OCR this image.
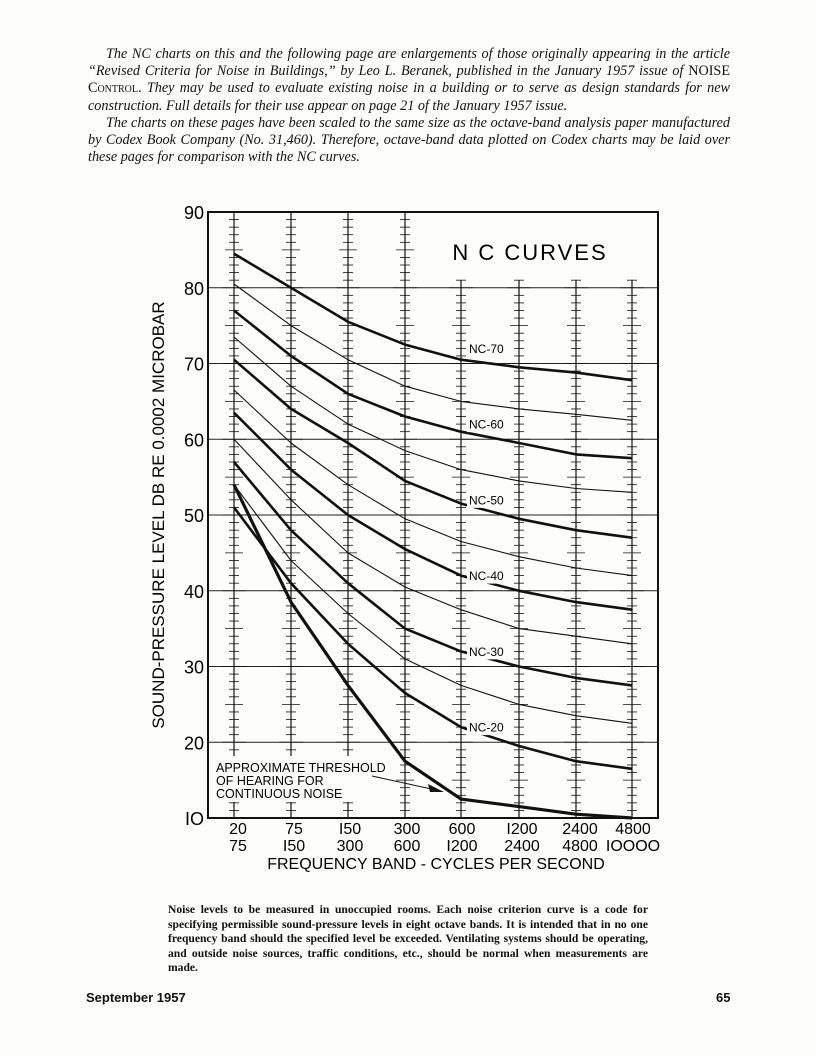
The NC charts on this and the following page are enlargements of those originally appearing in the article “Revised Criteria for Noise in Buildings,” by Leo L. Beranek, published in the January 1957 issue of NOISE Control. They may be used to evaluate existing noise in a building or to serve as design standards for new construction. Full details for their use appear on page 21 of the January 1957 issue.

The charts on these pages have been scaled to the same size as the octave-band analysis paper manufactured by Codex Book Company (No. 31,460). Therefore, octave-band data plotted on Codex charts may be laid over these pages for comparison with the NC curves.

NC-70
NC-60
NC-50
NC-40
NC-30
NC-20
IO
20
30
40
50
60
70
80
90
20 75 I50 300 600 I200 2400 4800
75 I50 300 600 I200 2400 4800 IOOOO
N C CURVES
SOUND-PRESSURE LEVEL DB RE 0.0002 MICROBAR
FREQUENCY BAND - CYCLES PER SECOND
APPROXIMATE THRESHOLD
OF HEARING FOR
CONTINUOUS NOISE

Noise levels to be measured in unoccupied rooms. Each noise criterion curve is a code for specifying permissible sound-pressure levels in eight octave bands. It is intended that in no one frequency band should the specified level be exceeded. Ventilating systems should be operating, and outside noise sources, traffic conditions, etc., should be normal when measurements are made.

September 1957	65
